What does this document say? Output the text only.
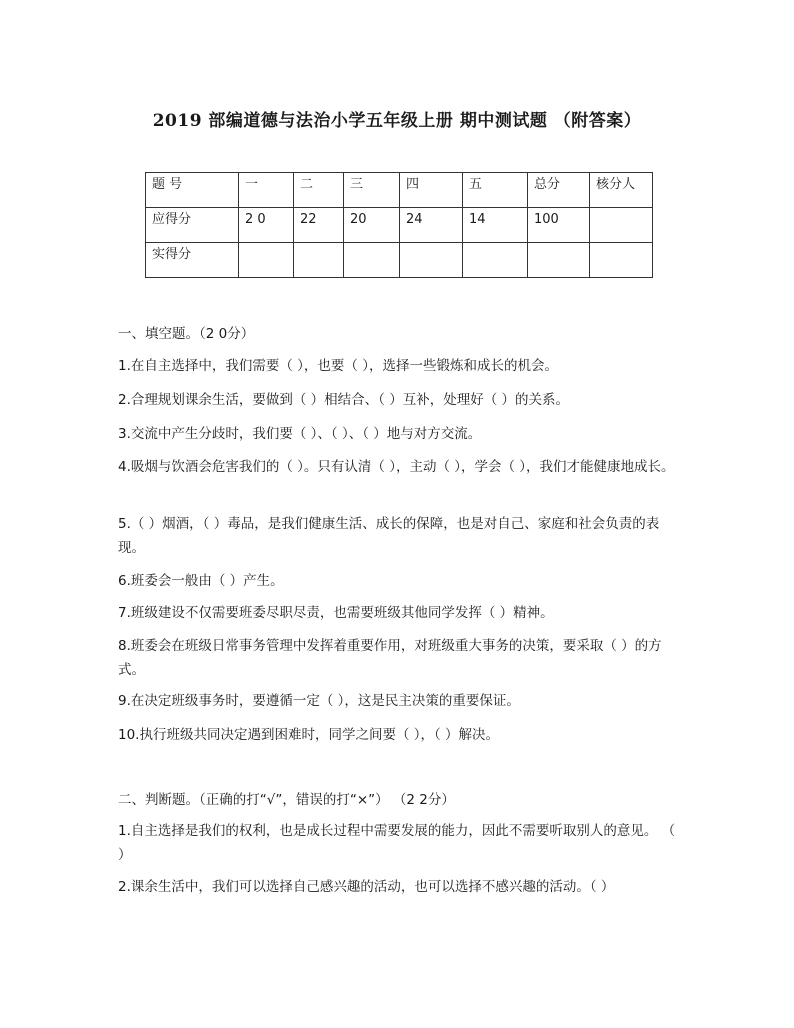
2019 部编道德与法治小学五年级上册 期中测试题 （附答案）
题 号	一	二	三	四	五	总分	核分人
应得分	2 0	22	20	24	14	100	
实得分							
一、填空题。（2 0分）
1.在自主选择中，我们需要（ ），也要（ ），选择一些锻炼和成长的机会。
2.合理规划课余生活，要做到（ ）相结合、（ ）互补，处理好（ ）的关系。
3.交流中产生分歧时，我们要（ ）、（ ）、（ ）地与对方交流。
4.吸烟与饮酒会危害我们的（ ）。只有认清（ ），主动（ ），学会（ ），我们才能健康地成长。
5.（ ）烟酒，（ ）毒品，是我们健康生活、成长的保障，也是对自己、家庭和社会负责的表现。
6.班委会一般由（ ）产生。
7.班级建设不仅需要班委尽职尽责，也需要班级其他同学发挥（ ）精神。
8.班委会在班级日常事务管理中发挥着重要作用，对班级重大事务的决策，要采取（ ）的方式。
9.在决定班级事务时，要遵循一定（ ），这是民主决策的重要保证。
10.执行班级共同决定遇到困难时，同学之间要（ ），（ ）解决。
二、判断题。（正确的打“√”，错误的打“×”） （2 2分）
1.自主选择是我们的权利，也是成长过程中需要发展的能力，因此不需要听取别人的意见。 （ ）
2.课余生活中，我们可以选择自己感兴趣的活动，也可以选择不感兴趣的活动。（ ）
